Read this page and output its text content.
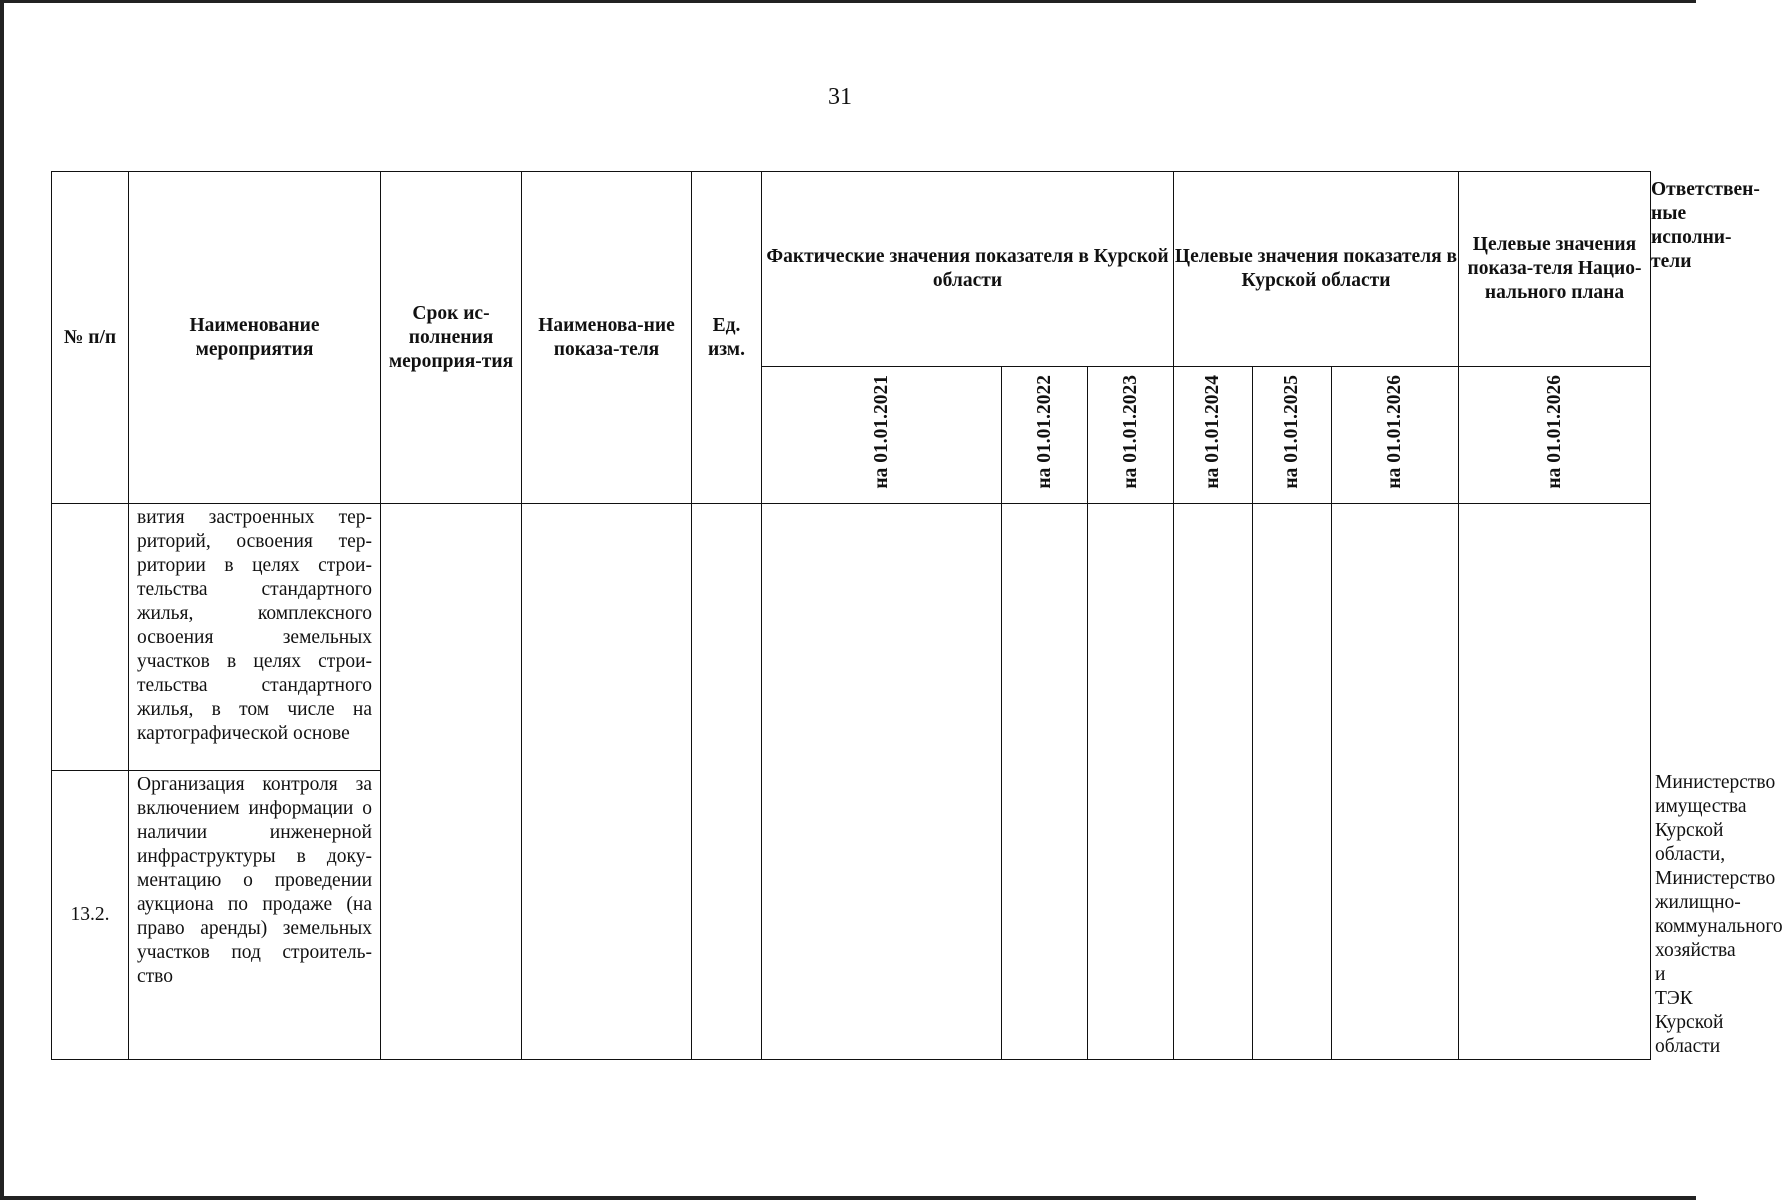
31
№ п/п	Наименование мероприятия	Срок ис-полнения мероприя-тия	Наименова-ние показа-теля	Ед. изм.	Фактические значения показателя в Курской области			Целевые значения показателя в Курской области			Целевые значения показа-теля Нацио-нального плана	Ответствен-ные исполни-тели
					на 01.01.2021	на 01.01.2022	на 01.01.2023	на 01.01.2024	на 01.01.2025	на 01.01.2026	на 01.01.2026	

	вития застроенных тер-риторий, освоения тер-ритории в целях строи-тельства стандартного жилья, комплексного освоения земельных участков в целях строи-тельства стандартного жилья, в том числе на картографической основе											

13.2.	Организация контроля за включением информации о наличии инженерной инфраструктуры в доку-ментацию о проведении аукциона по продаже (на право аренды) земельных участков под строитель-ство											Министерство имущества Курской области, Министерство жилищно-коммунального хозяйства и ТЭК Курской области
